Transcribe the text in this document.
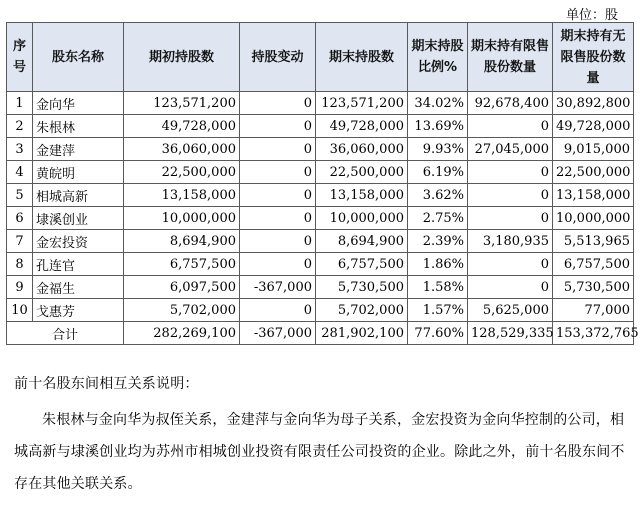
单位：股
序号	股东名称	期初持股数	持股变动	期末持股数	期末持股比例%	期末持有限售股份数量	期末持有无限售股份数量
1	金向华	123,571,200	0	123,571,200	34.02%	92,678,400	30,892,800
2	朱根林	49,728,000	0	49,728,000	13.69%	0	49,728,000
3	金建萍	36,060,000	0	36,060,000	9.93%	27,045,000	9,015,000
4	黄皖明	22,500,000	0	22,500,000	6.19%	0	22,500,000
5	相城高新	13,158,000	0	13,158,000	3.62%	0	13,158,000
6	埭溪创业	10,000,000	0	10,000,000	2.75%	0	10,000,000
7	金宏投资	8,694,900	0	8,694,900	2.39%	3,180,935	5,513,965
8	孔连官	6,757,500	0	6,757,500	1.86%	0	6,757,500
9	金福生	6,097,500	-367,000	5,730,500	1.58%	0	5,730,500
10	戈惠芳	5,702,000	0	5,702,000	1.57%	5,625,000	77,000
合计		282,269,100	-367,000	281,902,100	77.60%	128,529,335	153,372,765

前十名股东间相互关系说明：

朱根林与金向华为叔侄关系，金建萍与金向华为母子关系，金宏投资为金向华控制的公司，相城高新与埭溪创业均为苏州市相城创业投资有限责任公司投资的企业。除此之外，前十名股东间不存在其他关联关系。
